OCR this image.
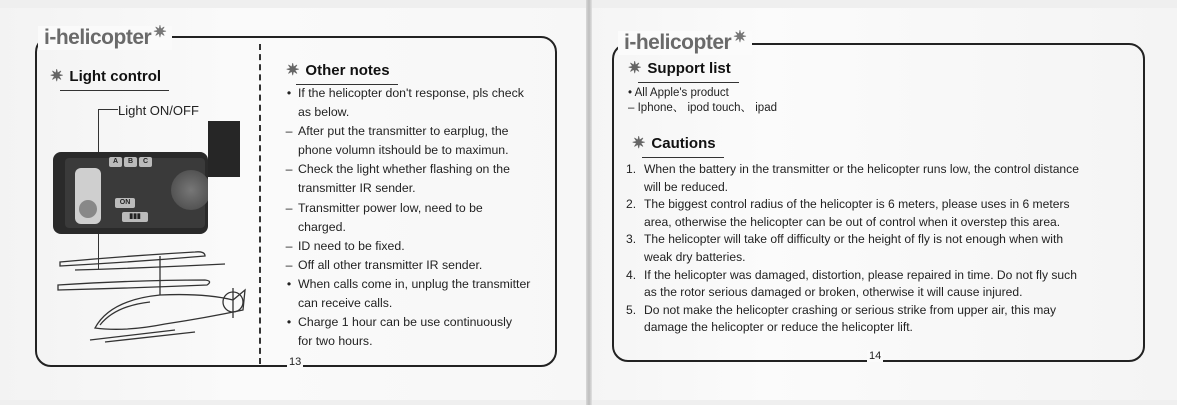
i-helicopter ✷
✷ Light control
Light ON/OFF
A	B	C
ON
▮▮▮
✷ Other notes
• If the helicopter don't response, pls check
as below.
– After put the transmitter to earplug, the
phone volumn itshould be to maximun.
– Check the light whether flashing on the
transmitter IR sender.
– Transmitter power low, need to be
charged.
– ID need to be fixed.
– Off all other transmitter IR sender.
• When calls come in, unplug the transmitter
can receive calls.
• Charge 1 hour can be use continuously
for two hours.
13
i-helicopter ✷
✷ Support list
• All Apple's product
– Iphone、 ipod touch、 ipad
✷ Cautions
1. When the battery in the transmitter or the helicopter runs low, the control distance
will be reduced.
2. The biggest control radius of the helicopter is 6 meters, please uses in 6 meters
area, otherwise the helicopter can be out of control when it overstep this area.
3. The helicopter will take off difficulty or the height of fly is not enough when with
weak dry batteries.
4. If the helicopter was damaged, distortion, please repaired in time. Do not fly such
as the rotor serious damaged or broken, otherwise it will cause injured.
5. Do not make the helicopter crashing or serious strike from upper air, this may
damage the helicopter or reduce the helicopter lift.
14
